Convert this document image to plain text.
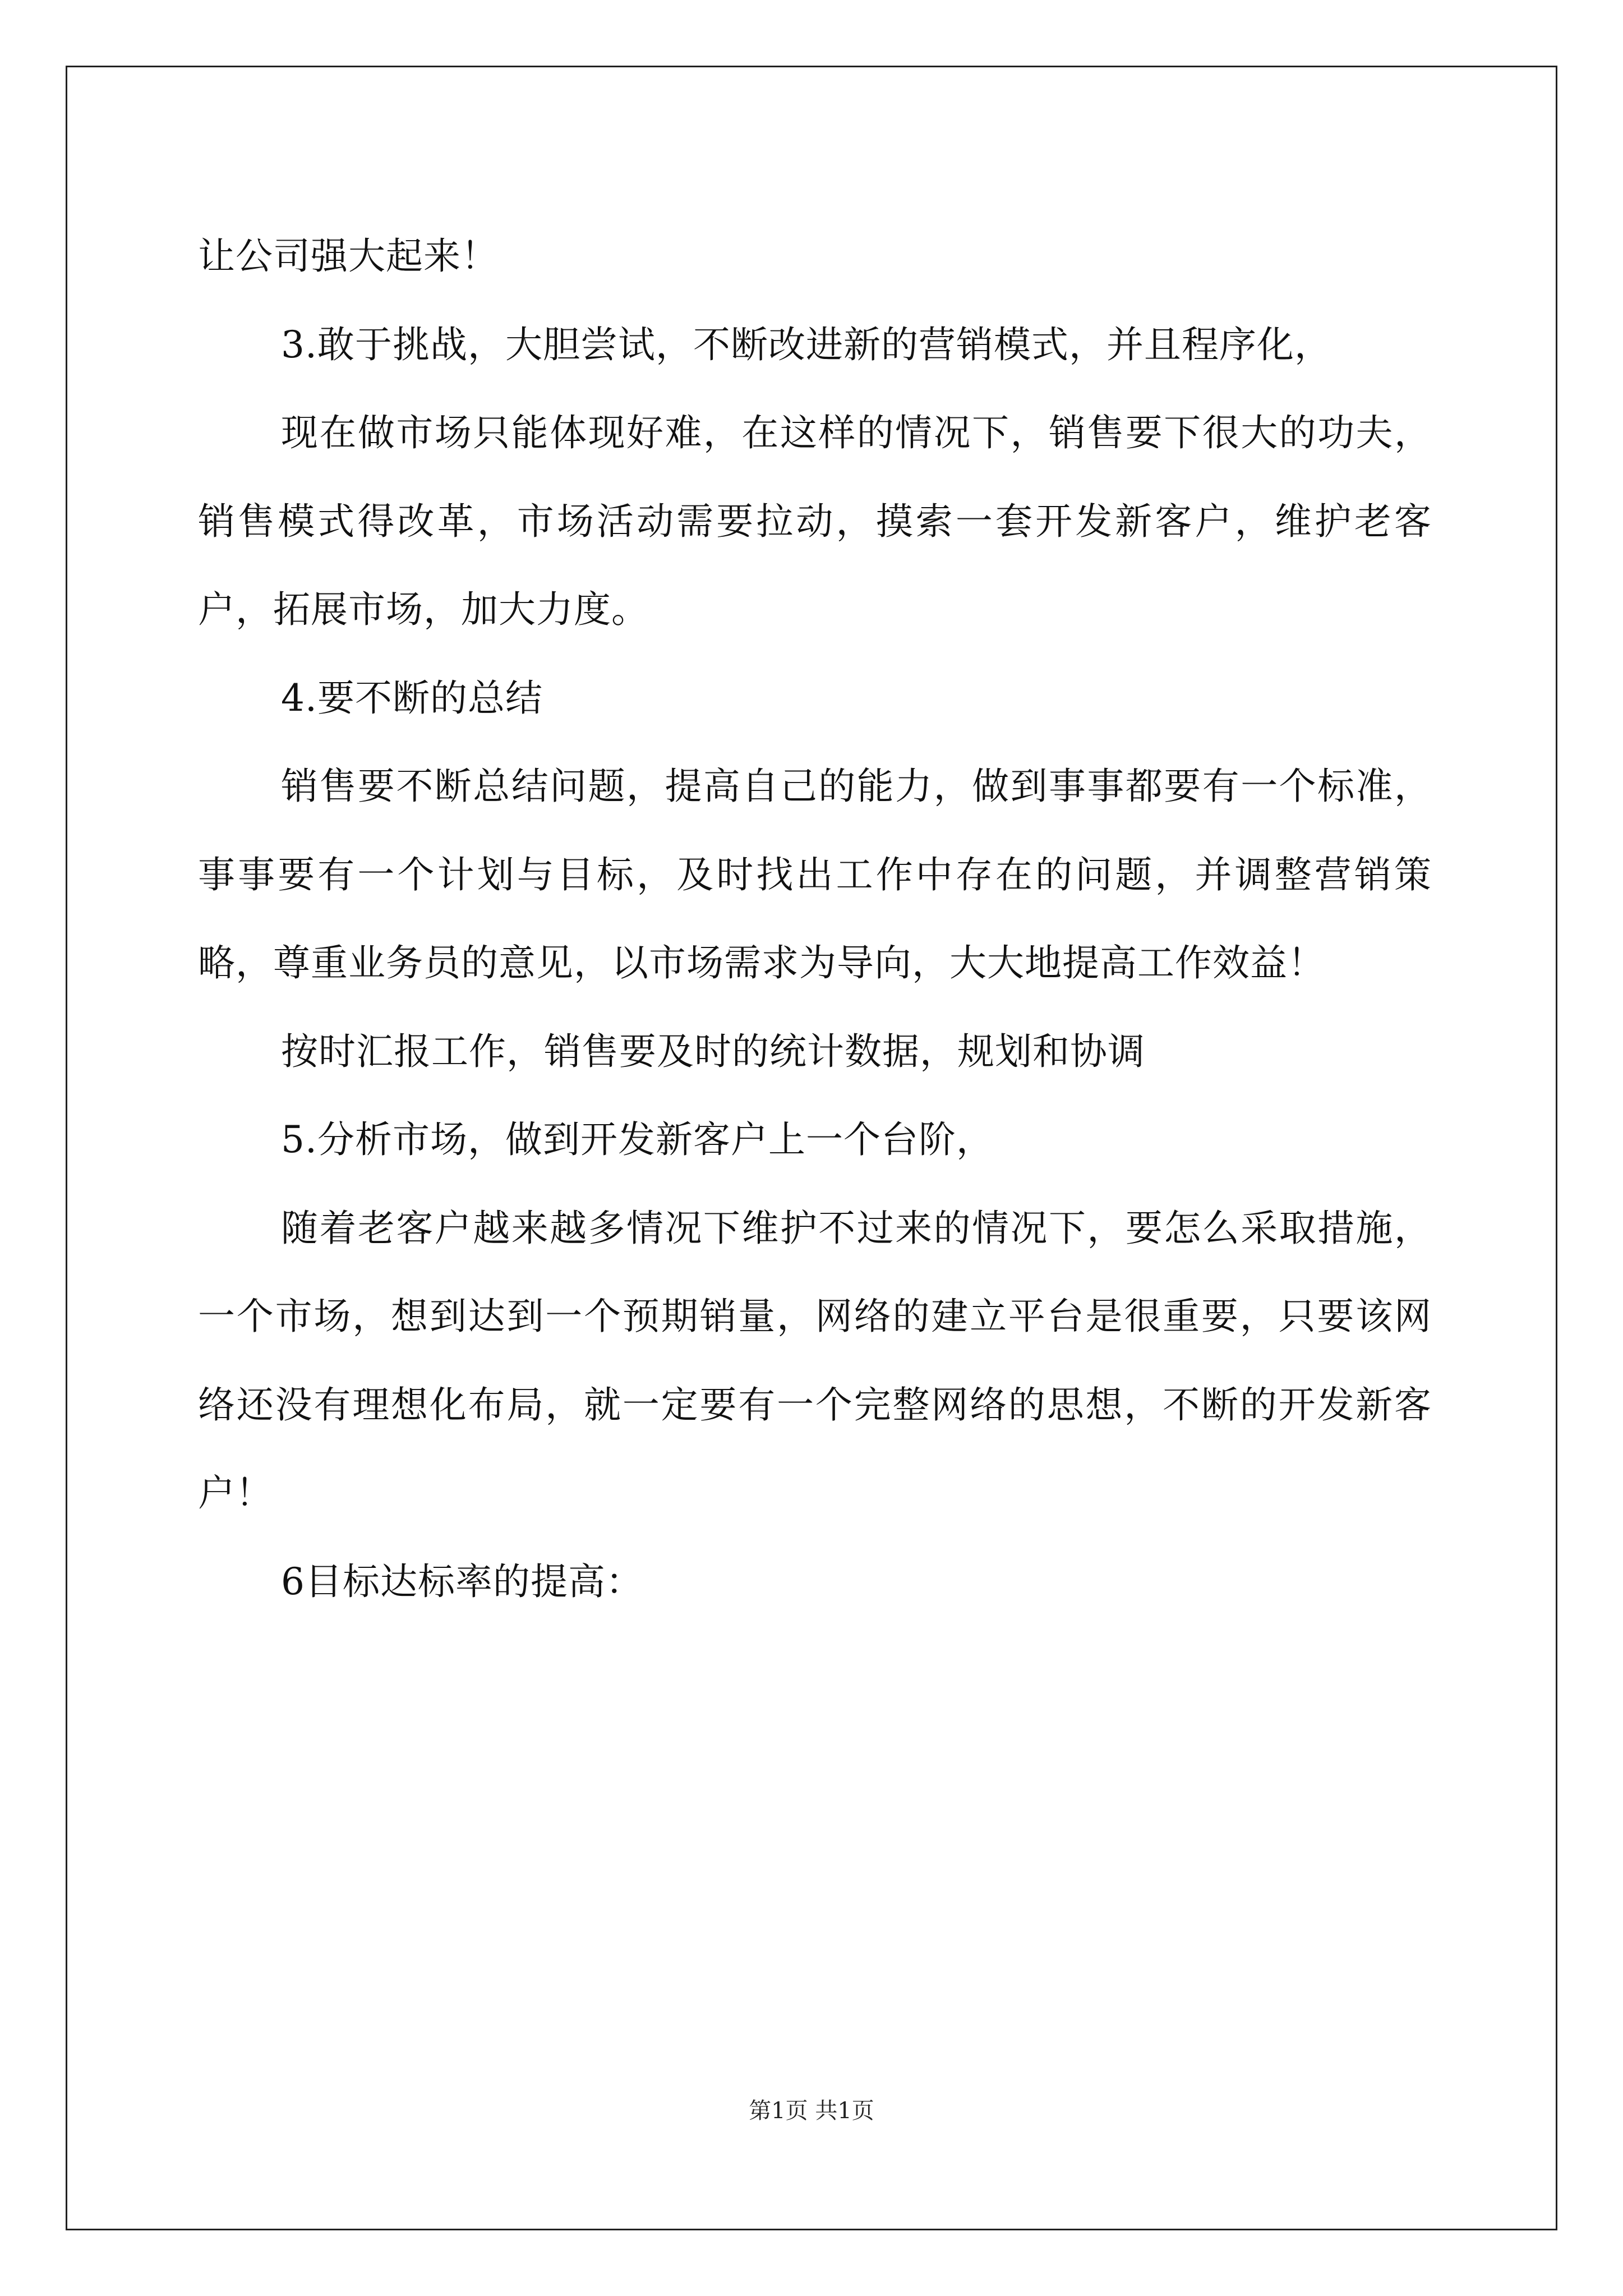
让公司强大起来！

3.敢于挑战，大胆尝试，不断改进新的营销模式，并且程序化，

现在做市场只能体现好难，在这样的情况下，销售要下很大的功夫，销售模式得改革，市场活动需要拉动，摸索一套开发新客户，维护老客户，拓展市场，加大力度。

4.要不断的总结

销售要不断总结问题，提高自己的能力，做到事事都要有一个标准，事事要有一个计划与目标，及时找出工作中存在的问题，并调整营销策略，尊重业务员的意见，以市场需求为导向，大大地提高工作效益！

按时汇报工作，销售要及时的统计数据，规划和协调

5.分析市场，做到开发新客户上一个台阶，

随着老客户越来越多情况下维护不过来的情况下，要怎么采取措施，一个市场，想到达到一个预期销量，网络的建立平台是很重要，只要该网络还没有理想化布局，就一定要有一个完整网络的思想，不断的开发新客户！

6目标达标率的提高：

第1页 共1页
